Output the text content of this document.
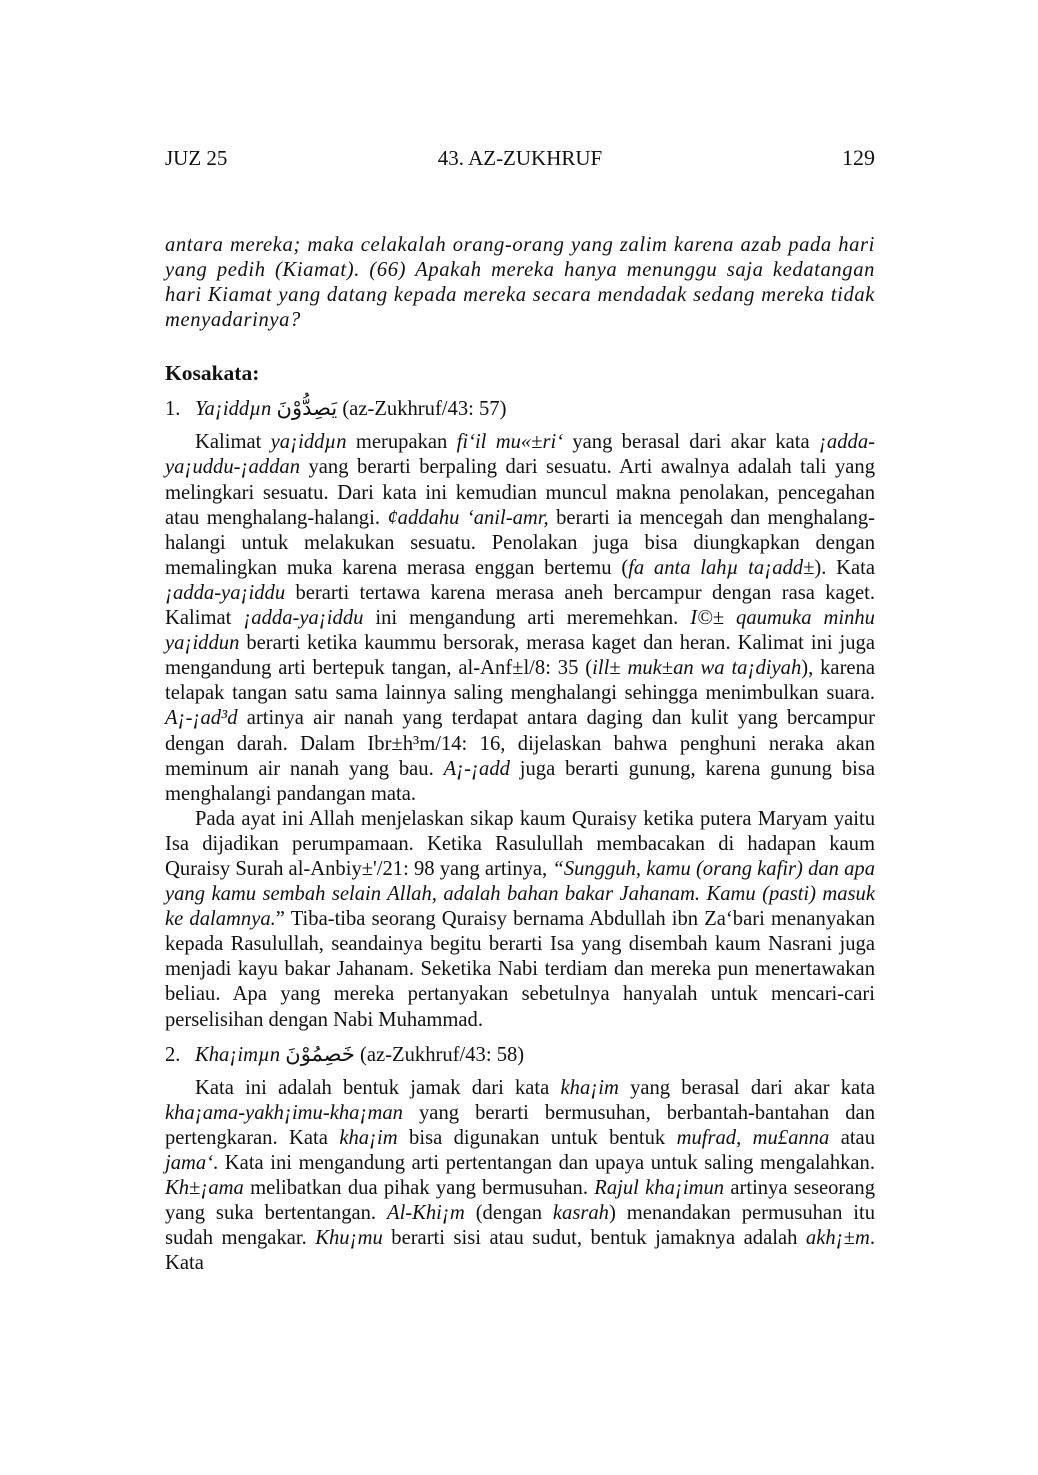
JUZ 25	43. AZ-ZUKHRUF	129

antara mereka; maka celakalah orang-orang yang zalim karena azab pada hari yang pedih (Kiamat). (66) Apakah mereka hanya menunggu saja kedatangan hari Kiamat yang datang kepada mereka secara mendadak sedang mereka tidak menyadarinya?

Kosakata:

1. Ya¡iddµn يَصِدُّوْنَ (az-Zukhruf/43: 57)

Kalimat ya¡iddµn merupakan fi‘il mu«±ri‘ yang berasal dari akar kata ¡adda-ya¡uddu-¡addan yang berarti berpaling dari sesuatu. Arti awalnya adalah tali yang melingkari sesuatu. Dari kata ini kemudian muncul makna penolakan, pencegahan atau menghalang-halangi. ¢addahu ‘anil-amr, berarti ia mencegah dan menghalang-halangi untuk melakukan sesuatu. Penolakan juga bisa diungkapkan dengan memalingkan muka karena merasa enggan bertemu (fa anta lahµ ta¡add±). Kata ¡adda-ya¡iddu berarti tertawa karena merasa aneh bercampur dengan rasa kaget. Kalimat ¡adda-ya¡iddu ini mengandung arti meremehkan. I©± qaumuka minhu ya¡iddun berarti ketika kaummu bersorak, merasa kaget dan heran. Kalimat ini juga mengandung arti bertepuk tangan, al-Anf±l/8: 35 (ill± muk±an wa ta¡diyah), karena telapak tangan satu sama lainnya saling menghalangi sehingga menimbulkan suara. A¡-¡ad³d artinya air nanah yang terdapat antara daging dan kulit yang bercampur dengan darah. Dalam Ibr±h³m/14: 16, dijelaskan bahwa penghuni neraka akan meminum air nanah yang bau. A¡-¡add juga berarti gunung, karena gunung bisa menghalangi pandangan mata.

Pada ayat ini Allah menjelaskan sikap kaum Quraisy ketika putera Maryam yaitu Isa dijadikan perumpamaan. Ketika Rasulullah membacakan di hadapan kaum Quraisy Surah al-Anbiy±'/21: 98 yang artinya, “Sungguh, kamu (orang kafir) dan apa yang kamu sembah selain Allah, adalah bahan bakar Jahanam. Kamu (pasti) masuk ke dalamnya.” Tiba-tiba seorang Quraisy bernama Abdullah ibn Za‘bari menanyakan kepada Rasulullah, seandainya begitu berarti Isa yang disembah kaum Nasrani juga menjadi kayu bakar Jahanam. Seketika Nabi terdiam dan mereka pun menertawakan beliau. Apa yang mereka pertanyakan sebetulnya hanyalah untuk mencari-cari perselisihan dengan Nabi Muhammad.

2. Kha¡imµn خَصِمُوْنَ (az-Zukhruf/43: 58)

Kata ini adalah bentuk jamak dari kata kha¡im yang berasal dari akar kata kha¡ama-yakh¡imu-kha¡man yang berarti bermusuhan, berbantah-bantahan dan pertengkaran. Kata kha¡im bisa digunakan untuk bentuk mufrad, mu£anna atau jama‘. Kata ini mengandung arti pertentangan dan upaya untuk saling mengalahkan. Kh±¡ama melibatkan dua pihak yang bermusuhan. Rajul kha¡imun artinya seseorang yang suka bertentangan. Al-Khi¡m (dengan kasrah) menandakan permusuhan itu sudah mengakar. Khu¡mu berarti sisi atau sudut, bentuk jamaknya adalah akh¡±m. Kata
